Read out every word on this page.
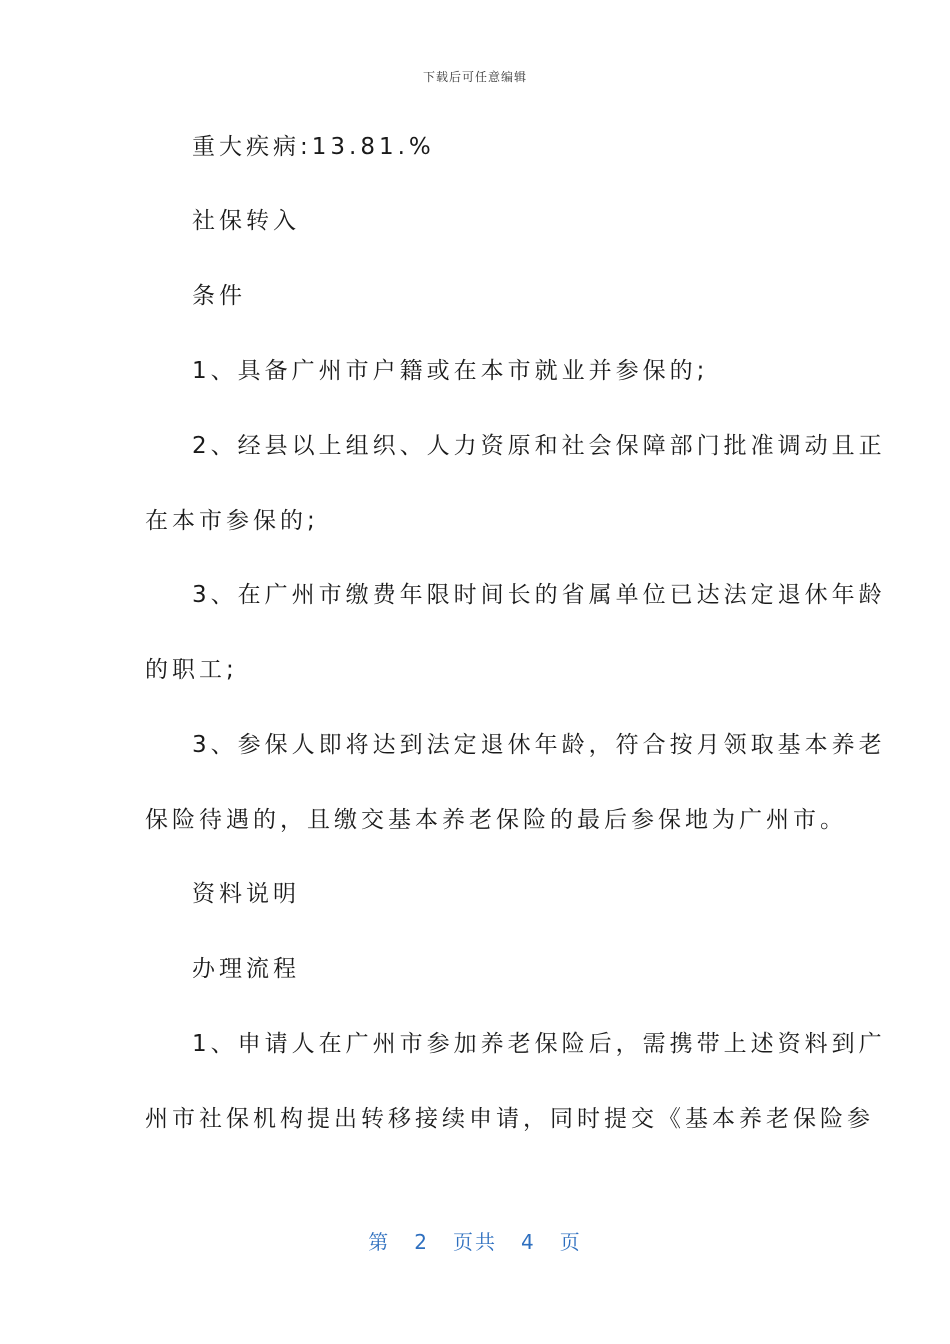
下载后可任意编辑
重大疾病:13.81.%
社保转入
条件
1、具备广州市户籍或在本市就业并参保的;
2、经县以上组织、人力资原和社会保障部门批准调动且正
在本市参保的;
3、在广州市缴费年限时间长的省属单位已达法定退休年龄
的职工;
3、参保人即将达到法定退休年龄，符合按月领取基本养老
保险待遇的，且缴交基本养老保险的最后参保地为广州市。
资料说明
办理流程
1、申请人在广州市参加养老保险后，需携带上述资料到广
州市社保机构提出转移接续申请，同时提交《基本养老保险参
第 2 页共 4 页
